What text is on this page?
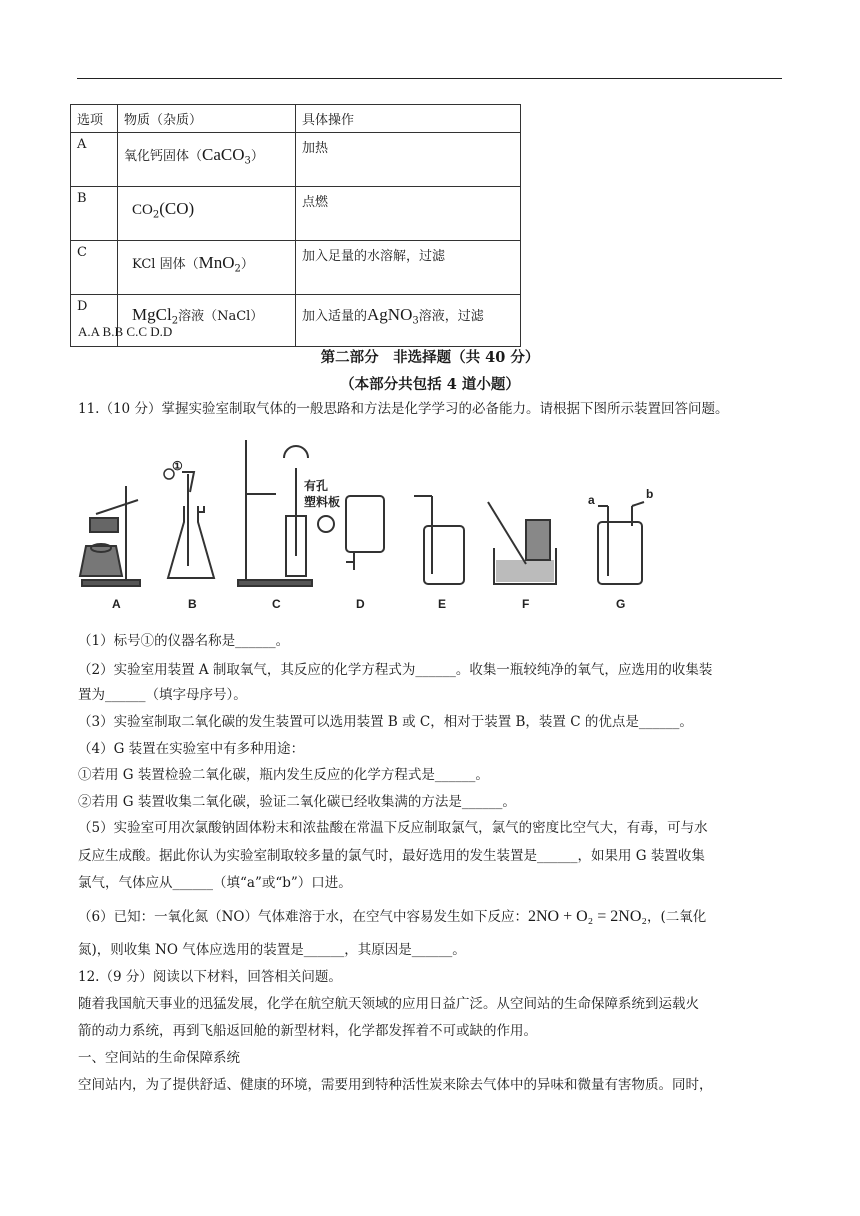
选项	物质（杂质）	具体操作
A	氧化钙固体（CaCO$_3$）	加热
B	$CO_2(CO)$	点燃
C	KCl 固体（MnO$_2$）	加入足量的水溶解，过滤
D	MgCl$_2$溶液（NaCl）	加入适量的AgNO$_3$溶液，过滤
A.A B.B C.C D.D
第二部分　非选择题（共 40 分）
（本部分共包括 4 道小题）
11.（10 分）掌握实验室制取气体的一般思路和方法是化学学习的必备能力。请根据下图所示装置回答问题。
有孔
塑料板	a	b
①
A	B	C	D	E	F	G
（1）标号①的仪器名称是______。
（2）实验室用装置 A 制取氧气，其反应的化学方程式为______。收集一瓶较纯净的氧气，应选用的收集装
置为______（填字母序号）。
（3）实验室制取二氧化碳的发生装置可以选用装置 B 或 C，相对于装置 B，装置 C 的优点是______。
（4）G 装置在实验室中有多种用途：
①若用 G 装置检验二氧化碳，瓶内发生反应的化学方程式是______。
②若用 G 装置收集二氧化碳，验证二氧化碳已经收集满的方法是______。
（5）实验室可用次氯酸钠固体粉末和浓盐酸在常温下反应制取氯气，氯气的密度比空气大，有毒，可与水
反应生成酸。据此你认为实验室制取较多量的氯气时，最好选用的发生装置是______，如果用 G 装置收集
氯气，气体应从______（填“a”或“b”）口进。
（6）已知：一氧化氮（NO）气体难溶于水，在空气中容易发生如下反应：2NO + O₂ = 2NO₂，(二氧化
氮)，则收集 NO 气体应选用的装置是______，其原因是______。
12.（9 分）阅读以下材料，回答相关问题。
随着我国航天事业的迅猛发展，化学在航空航天领域的应用日益广泛。从空间站的生命保障系统到运载火
箭的动力系统，再到飞船返回舱的新型材料，化学都发挥着不可或缺的作用。
一、空间站的生命保障系统
空间站内，为了提供舒适、健康的环境，需要用到特种活性炭来除去气体中的异味和微量有害物质。同时，
